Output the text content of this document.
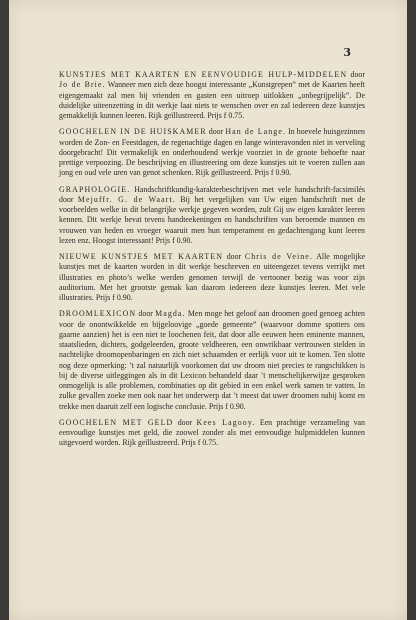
3

KUNSTJES MET KAARTEN EN EENVOUDIGE HULP-MIDDELEN door Jo de Brie. Wanneer men zich deze hoogst interessante „Kunstgrepen” met de Kaarten heeft eigengemaakt zal men bij vrienden en gasten een uitroep uitlokken „onbegrijpelijk”. De duidelijke uiteenzetting in dit werkje laat niets te wenschen over en zal iedereen deze kunstjes gemakkelijk kunnen leeren. Rijk geïllustreerd. Prijs f 0.75.

GOOCHELEN IN DE HUISKAMER door Han de Lange. In hoevele huisgezinnen worden de Zon- en Feestdagen, de regenachtige dagen en lange winteravonden niet in verveling doorgebracht! Dit vermakelijk en onderhoudend werkje voorziet in de groote behoefte naar prettige verpoozing. De beschrijving en illustreering om deze kunstjes uit te voeren zullen aan jong en oud vele uren van genot schenken. Rijk geïllustreerd. Prijs f 0.90.

GRAPHOLOGIE. Handschriftkundig-karakterbeschrijven met vele handschrift-facsimilés door Mejuffr. G. de Waart. Bij het vergelijken van Uw eigen handschrift met de voorbeelden welke in dit belangrijke werkje gegeven worden, zult Gij uw eigen karakter leeren kennen. Dit werkje bevat tevens handteekeningen en handschriften van beroemde mannen en vrouwen van heden en vroeger waaruit men hun temperament en gedachtengang kunt leeren lezen enz. Hoogst interessant! Prijs f 0.90.

NIEUWE KUNSTJES MET KAARTEN door Chris de Veine. Alle mogelijke kunstjes met de kaarten worden in dit werkje beschreven en uiteengezet tevens verrijkt met illustraties en photo’s welke werden genomen terwijl de vertooner bezig was voor zijn auditorium. Met het grootste gemak kan daarom iedereen deze kunstjes leeren. Met vele illustraties. Prijs f 0.90.

DROOMLEXICON door Magda. Men moge het geloof aan droomen goed genoeg achten voor de onontwikkelde en bijgeloovige „goede gemeente” (waarvoor domme spotters ons gaarne aanzien) het is een niet te loochenen feit, dat door alle eeuwen heen eminente mannen, staatslieden, dichters, godgeleerden, groote veldheeren, een onwrikbaar vertrouwen stelden in nachtelijke droomopenbaringen en zich niet schaamden er eerlijk voor uit te komen. Ten slotte nog deze opmerking: ’t zal natuurlijk voorkomen dat uw droom niet precies te rangschikken is bij de diverse uitleggingen als in dit Lexicon behandeld daar ’t menschelijkerwijze gesproken onmogelijk is alle problemen, combinaties op dit gebied in een enkel werk samen te vatten. In zulke gevallen zoeke men ook naar het onderwerp dat ’t meest dat uwer droomen nabij komt en trekke men daaruit zelf een logische conclusie. Prijs f 0.90.

GOOCHELEN MET GELD door Kees Lagooy. Een prachtige verzameling van eenvoudige kunstjes met geld, die zoowel zonder als met eenvoudige hulpmiddelen kunnen uitgevoerd worden. Rijk geïllustreerd. Prijs f 0.75.
